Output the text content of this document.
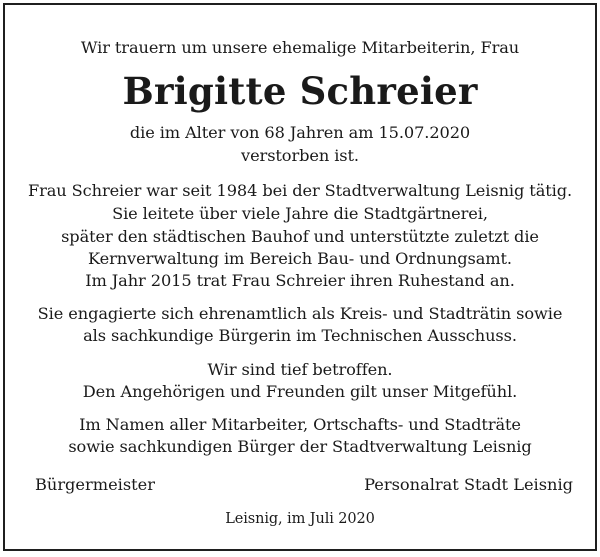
Wir trauern um unsere ehemalige Mitarbeiterin, Frau
Brigitte Schreier
die im Alter von 68 Jahren am 15.07.2020
verstorben ist.
Frau Schreier war seit 1984 bei der Stadtverwaltung Leisnig tätig.
Sie leitete über viele Jahre die Stadtgärtnerei,
später den städtischen Bauhof und unterstützte zuletzt die
Kernverwaltung im Bereich Bau- und Ordnungsamt.
Im Jahr 2015 trat Frau Schreier ihren Ruhestand an.
Sie engagierte sich ehrenamtlich als Kreis- und Stadträtin sowie
als sachkundige Bürgerin im Technischen Ausschuss.
Wir sind tief betroffen.
Den Angehörigen und Freunden gilt unser Mitgefühl.
Im Namen aller Mitarbeiter, Ortschafts- und Stadträte
sowie sachkundigen Bürger der Stadtverwaltung Leisnig
Bürgermeister	Personalrat Stadt Leisnig
Leisnig, im Juli 2020
